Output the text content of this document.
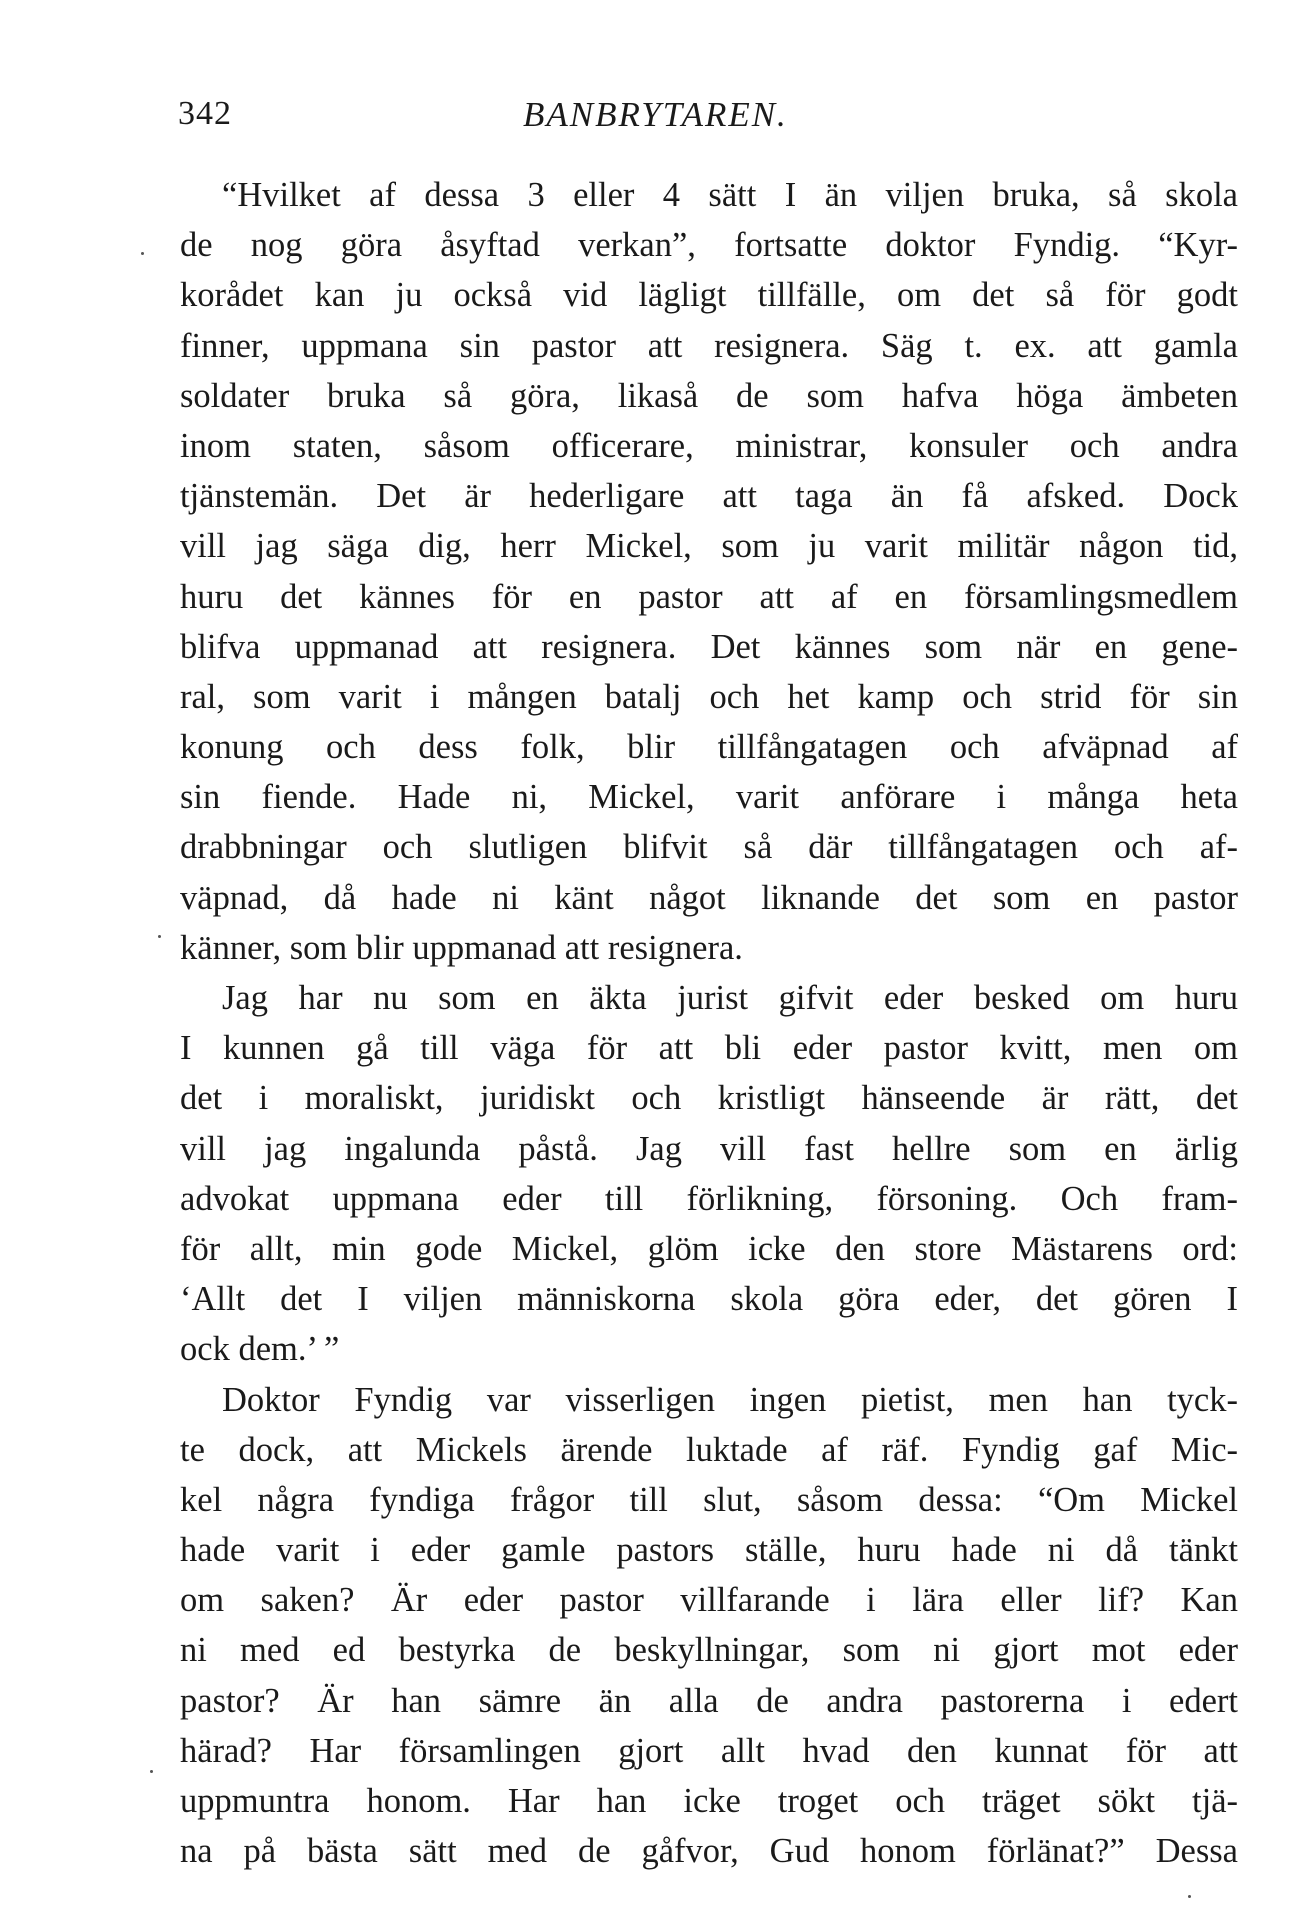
342	BANBRYTAREN.
“Hvilket af dessa 3 eller 4 sätt I än viljen bruka, så skola
de nog göra åsyftad verkan”, fortsatte doktor Fyndig. “Kyr-
korådet kan ju också vid lägligt tillfälle, om det så för godt
finner, uppmana sin pastor att resignera. Säg t. ex. att gamla
soldater bruka så göra, likaså de som hafva höga ämbeten
inom staten, såsom officerare, ministrar, konsuler och andra
tjänstemän. Det är hederligare att taga än få afsked. Dock
vill jag säga dig, herr Mickel, som ju varit militär någon tid,
huru det kännes för en pastor att af en församlingsmedlem
blifva uppmanad att resignera. Det kännes som när en gene-
ral, som varit i mången batalj och het kamp och strid för sin
konung och dess folk, blir tillfångatagen och afväpnad af
sin fiende. Hade ni, Mickel, varit anförare i många heta
drabbningar och slutligen blifvit så där tillfångatagen och af-
väpnad, då hade ni känt något liknande det som en pastor
känner, som blir uppmanad att resignera.
Jag har nu som en äkta jurist gifvit eder besked om huru
I kunnen gå till väga för att bli eder pastor kvitt, men om
det i moraliskt, juridiskt och kristligt hänseende är rätt, det
vill jag ingalunda påstå. Jag vill fast hellre som en ärlig
advokat uppmana eder till förlikning, försoning. Och fram-
för allt, min gode Mickel, glöm icke den store Mästarens ord:
‘Allt det I viljen människorna skola göra eder, det gören I
ock dem.’ ”
Doktor Fyndig var visserligen ingen pietist, men han tyck-
te dock, att Mickels ärende luktade af räf. Fyndig gaf Mic-
kel några fyndiga frågor till slut, såsom dessa: “Om Mickel
hade varit i eder gamle pastors ställe, huru hade ni då tänkt
om saken? Är eder pastor villfarande i lära eller lif? Kan
ni med ed bestyrka de beskyllningar, som ni gjort mot eder
pastor? Är han sämre än alla de andra pastorerna i edert
härad? Har församlingen gjort allt hvad den kunnat för att
uppmuntra honom. Har han icke troget och träget sökt tjä-
na på bästa sätt med de gåfvor, Gud honom förlänat?” Dessa
